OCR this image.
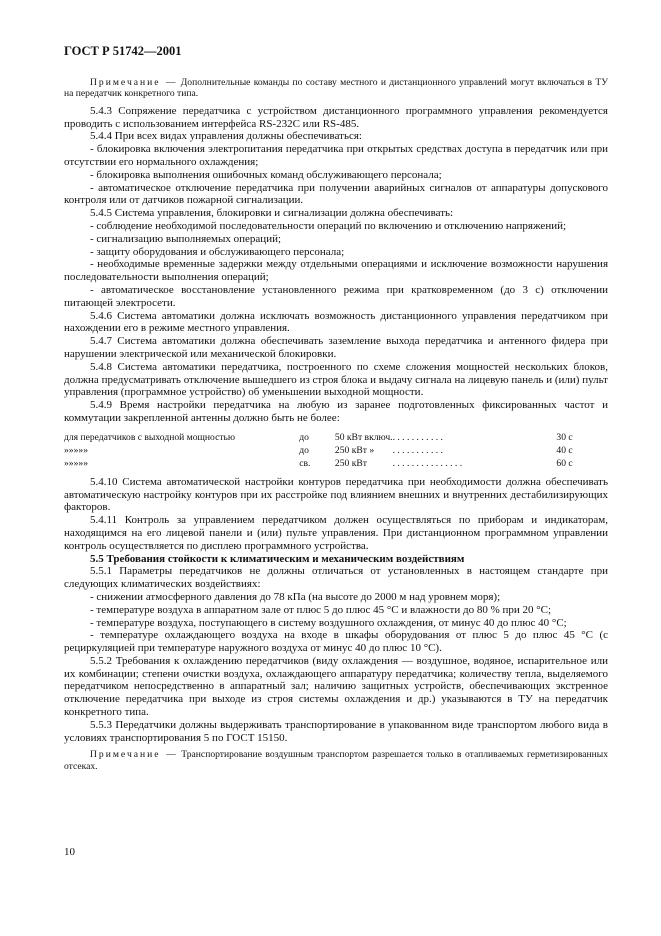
ГОСТ Р 51742—2001

Примечание — Дополнительные команды по составу местного и дистанционного управлений могут включаться в ТУ на передатчик конкретного типа.

5.4.3 Сопряжение передатчика с устройством дистанционного программного управления рекомендуется проводить с использованием интерфейса RS-232С или RS-485.

5.4.4 При всех видах управления должны обеспечиваться:

- блокировка включения электропитания передатчика при открытых средствах доступа в передатчик или при отсутствии его нормального охлаждения;

- блокировка выполнения ошибочных команд обслуживающего персонала;

- автоматическое отключение передатчика при получении аварийных сигналов от аппаратуры допускового контроля или от датчиков пожарной сигнализации.

5.4.5 Система управления, блокировки и сигнализации должна обеспечивать:

- соблюдение необходимой последовательности операций по включению и отключению напряжений;

- сигнализацию выполняемых операций;

- защиту оборудования и обслуживающего персонала;

- необходимые временные задержки между отдельными операциями и исключение возможности нарушения последовательности выполнения операций;

- автоматическое восстановление установленного режима при кратковременном (до 3 с) отключении питающей электросети.

5.4.6 Система автоматики должна исключать возможность дистанционного управления передатчиком при нахождении его в режиме местного управления.

5.4.7 Система автоматики должна обеспечивать заземление выхода передатчика и антенного фидера при нарушении электрической или механической блокировки.

5.4.8 Система автоматики передатчика, построенного по схеме сложения мощностей нескольких блоков, должна предусматривать отключение вышедшего из строя блока и выдачу сигнала на лицевую панель и (или) пульт управления (программное устройство) об уменьшении выходной мощности.

5.4.9 Время настройки передатчика на любую из заранее подготовленных фиксированных частот и коммутации закрепленной антенны должно быть не более:

для передатчиков с выходной мощностью	до	50 кВт включ.	. . . . . . . . . . .	30 с
»»»»»	до	250 кВт »	. . . . . . . . . . .	40 с
»»»»»	св.	250 кВт	. . . . . . . . . . . . . . .	60 с

5.4.10 Система автоматической настройки контуров передатчика при необходимости должна обеспечивать автоматическую настройку контуров при их расстройке под влиянием внешних и внутренних дестабилизирующих факторов.

5.4.11 Контроль за управлением передатчиком должен осуществляться по приборам и индикаторам, находящимся на его лицевой панели и (или) пульте управления. При дистанционном программном управлении контроль осуществляется по дисплею программного устройства.

5.5 Требования стойкости к климатическим и механическим воздействиям

5.5.1 Параметры передатчиков не должны отличаться от установленных в настоящем стандарте при следующих климатических воздействиях:

- снижении атмосферного давления до 78 кПа (на высоте до 2000 м над уровнем моря);

- температуре воздуха в аппаратном зале от плюс 5 до плюс 45 °С и влажности до 80 % при 20 °С;

- температуре воздуха, поступающего в систему воздушного охлаждения, от минус 40 до плюс 40 °С;

- температуре охлаждающего воздуха на входе в шкафы оборудования от плюс 5 до плюс 45 °С (с рециркуляцией при температуре наружного воздуха от минус 40 до плюс 10 °С).

5.5.2 Требования к охлаждению передатчиков (виду охлаждения — воздушное, водяное, испарительное или их комбинации; степени очистки воздуха, охлаждающего аппаратуру передатчика; количеству тепла, выделяемого передатчиком непосредственно в аппаратный зал; наличию защитных устройств, обеспечивающих экстренное отключение передатчика при выходе из строя системы охлаждения и др.) указываются в ТУ на передатчик конкретного типа.

5.5.3 Передатчики должны выдерживать транспортирование в упакованном виде транспортом любого вида в условиях транспортирования 5 по ГОСТ 15150.

Примечание — Транспортирование воздушным транспортом разрешается только в отапливаемых герметизированных отсеках.

10
